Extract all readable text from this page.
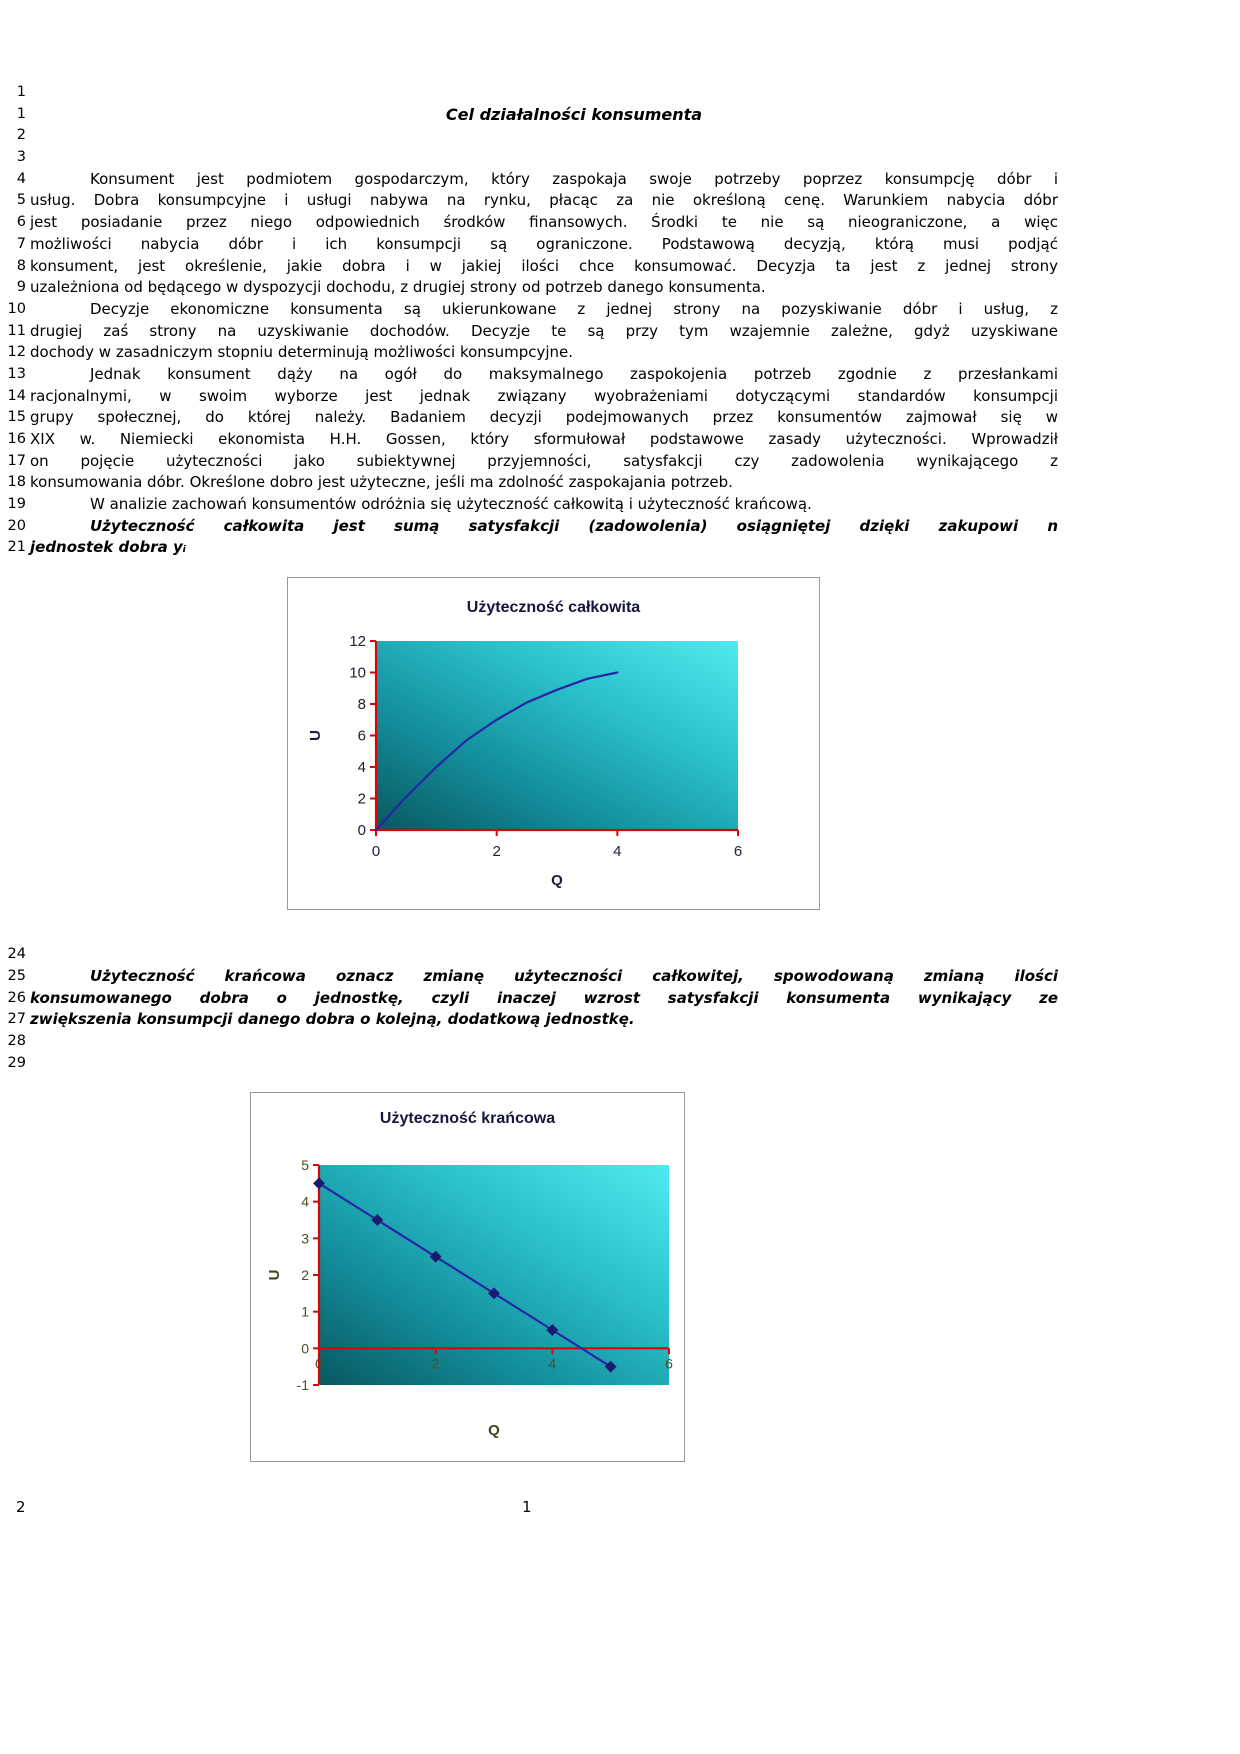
1
1	Cel działalności konsumenta
2
3
4	Konsument jest podmiotem gospodarczym, który zaspokaja swoje potrzeby poprzez konsumpcję dóbr i
5 usług. Dobra konsumpcyjne i usługi nabywa na rynku, płacąc za nie określoną cenę. Warunkiem nabycia dóbr
6 jest posiadanie przez niego odpowiednich środków finansowych. Środki te nie są nieograniczone, a więc
7 możliwości nabycia dóbr i ich konsumpcji są ograniczone. Podstawową decyzją, którą musi podjąć
8 konsument, jest określenie, jakie dobra i w jakiej ilości chce konsumować. Decyzja ta jest z jednej strony
9 uzależniona od będącego w dyspozycji dochodu, z drugiej strony od potrzeb danego konsumenta.
10	Decyzje ekonomiczne konsumenta są ukierunkowane z jednej strony na pozyskiwanie dóbr i usług, z
11 drugiej zaś strony na uzyskiwanie dochodów. Decyzje te są przy tym wzajemnie zależne, gdyż uzyskiwane
12 dochody w zasadniczym stopniu determinują możliwości konsumpcyjne.
13	Jednak konsument dąży na ogół do maksymalnego zaspokojenia potrzeb zgodnie z przesłankami
14 racjonalnymi, w swoim wyborze jest jednak związany wyobrażeniami dotyczącymi standardów konsumpcji
15 grupy społecznej, do której należy. Badaniem decyzji podejmowanych przez konsumentów zajmował się w
16 XIX w. Niemiecki ekonomista H.H. Gossen, który sformułował podstawowe zasady użyteczności. Wprowadził
17 on pojęcie użyteczności jako subiektywnej przyjemności, satysfakcji czy zadowolenia wynikającego z
18 konsumowania dóbr. Określone dobro jest użyteczne, jeśli ma zdolność zaspokajania potrzeb.
19	W analizie zachowań konsumentów odróżnia się użyteczność całkowitą i użyteczność krańcową.
20	Użyteczność całkowita jest sumą satysfakcji (zadowolenia) osiągniętej dzięki zakupowi n
21 jednostek dobra yᵢ
0
2
4
6
8
10
12
0	2	4	6
Użyteczność całkowita
Q
U
24
25	Użyteczność krańcowa oznacz zmianę użyteczności całkowitej, spowodowaną zmianą ilości
26 konsumowanego dobra o jednostkę, czyli inaczej wzrost satysfakcji konsumenta wynikający ze
27 zwiększenia konsumpcji danego dobra o kolejną, dodatkową jednostkę.
28
29
-1
0
1
2
3
4
5
0	2	4	6
Użyteczność krańcowa
Q
U
2	1
